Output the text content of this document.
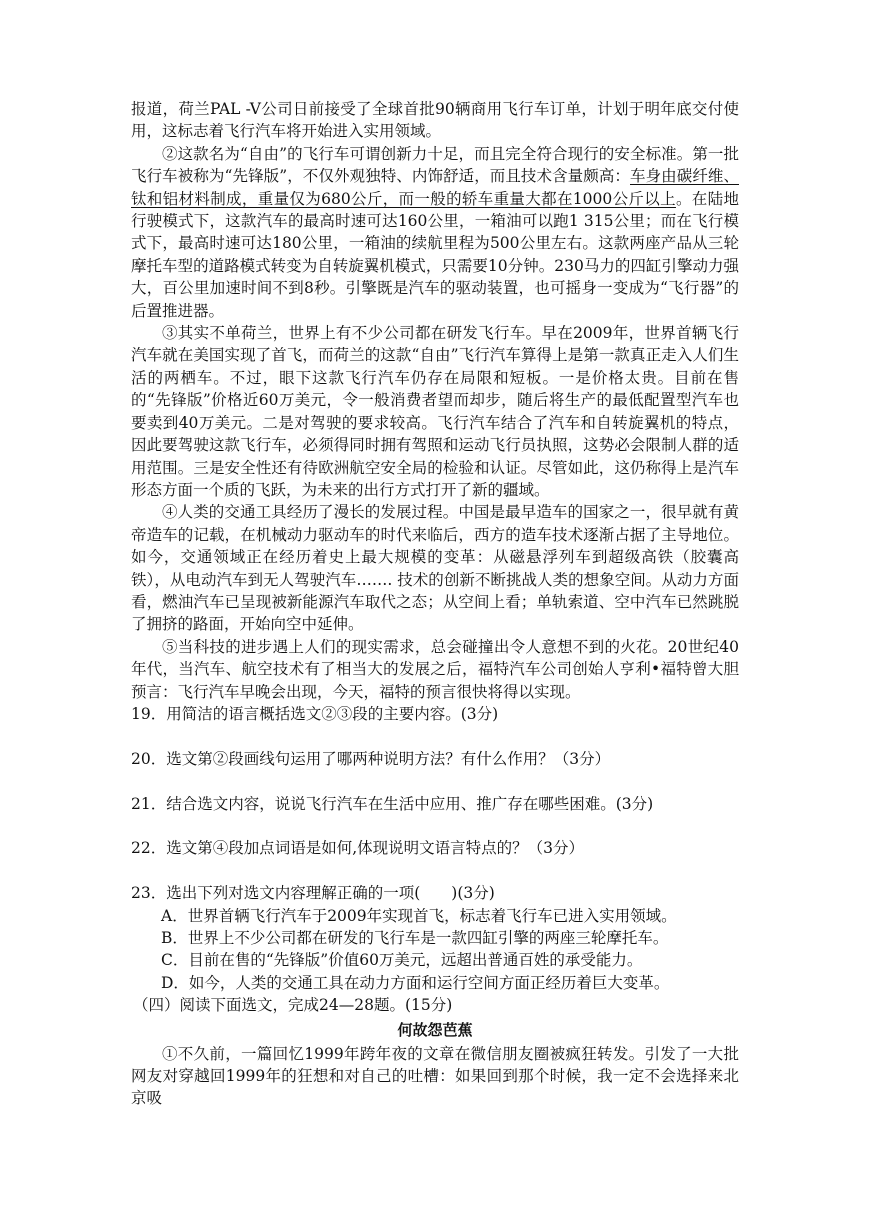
报道，荷兰PAL -V公司日前接受了全球首批90辆商用飞行车订单，计划于明年底交付使用，这标志着飞行汽车将开始进入实用领域。

②这款名为“自由”的飞行车可谓创新力十足，而且完全符合现行的安全标准。第一批飞行车被称为“先锋版”，不仅外观独特、内饰舒适，而且技术含量颇高：车身由碳纤维、钛和铝材料制成，重量仅为680公斤，而一般的轿车重量大都在1000公斤以上。在陆地行驶模式下，这款汽车的最高时速可达160公里，一箱油可以跑1 315公里；而在飞行模式下，最高时速可达180公里，一箱油的续航里程为500公里左右。这款两座产品从三轮摩托车型的道路模式转变为自转旋翼机模式，只需要10分钟。230马力的四缸引擎动力强大，百公里加速时间不到8秒。引擎既是汽车的驱动装置，也可摇身一变成为“飞行器”的后置推进器。

③其实不单荷兰，世界上有不少公司都在研发飞行车。早在2009年，世界首辆飞行汽车就在美国实现了首飞，而荷兰的这款“自由”飞行汽车算得上是第一款真正走入人们生活的两栖车。不过，眼下这款飞行汽车仍存在局限和短板。一是价格太贵。目前在售的“先锋版”价格近60万美元，令一般消费者望而却步，随后将生产的最低配置型汽车也要卖到40万美元。二是对驾驶的要求较高。飞行汽车结合了汽车和自转旋翼机的特点，因此要驾驶这款飞行车，必须得同时拥有驾照和运动飞行员执照，这势必会限制人群的适用范围。三是安全性还有待欧洲航空安全局的检验和认证。尽管如此，这仍称得上是汽车形态方面一个质的飞跃，为未来的出行方式打开了新的疆域。

④人类的交通工具经历了漫长的发展过程。中国是最早造车的国家之一，很早就有黄帝造车的记载，在机械动力驱动车的时代来临后，西方的造车技术逐渐占据了主导地位。如今，交通领域正在经历着史上最大规模的变革：从磁悬浮列车到超级高铁（胶囊高铁），从电动汽车到无人驾驶汽车……. 技术的创新不断挑战人类的想象空间。从动力方面看，燃油汽车已呈现被新能源汽车取代之态；从空间上看；单轨索道、空中汽车已然跳脱了拥挤的路面，开始向空中延伸。

⑤当科技的进步遇上人们的现实需求，总会碰撞出令人意想不到的火花。20世纪40年代，当汽车、航空技术有了相当大的发展之后，福特汽车公司创始人亨利•福特曾大胆预言：飞行汽车早晚会出现，今天，福特的预言很快将得以实现。

19．用简洁的语言概括选文②③段的主要内容。(3分)

20．选文第②段画线句运用了哪两种说明方法？有什么作用？（3分）

21．结合选文内容，说说飞行汽车在生活中应用、推广存在哪些困难。(3分)

22．选文第④段加点词语是如何,体现说明文语言特点的？（3分）

23．选出下列对选文内容理解正确的一项(　　)(3分)

A．世界首辆飞行汽车于2009年实现首飞，标志着飞行车已进入实用领域。

B．世界上不少公司都在研发的飞行车是一款四缸引擎的两座三轮摩托车。

C．目前在售的“先锋版”价值60万美元，远超出普通百姓的承受能力。

D．如今，人类的交通工具在动力方面和运行空间方面正经历着巨大变革。

（四）阅读下面选文，完成24—28题。(15分)

何故怨芭蕉

①不久前，一篇回忆1999年跨年夜的文章在微信朋友圈被疯狂转发。引发了一大批网友对穿越回1999年的狂想和对自己的吐槽：如果回到那个时候，我一定不会选择来北京吸
